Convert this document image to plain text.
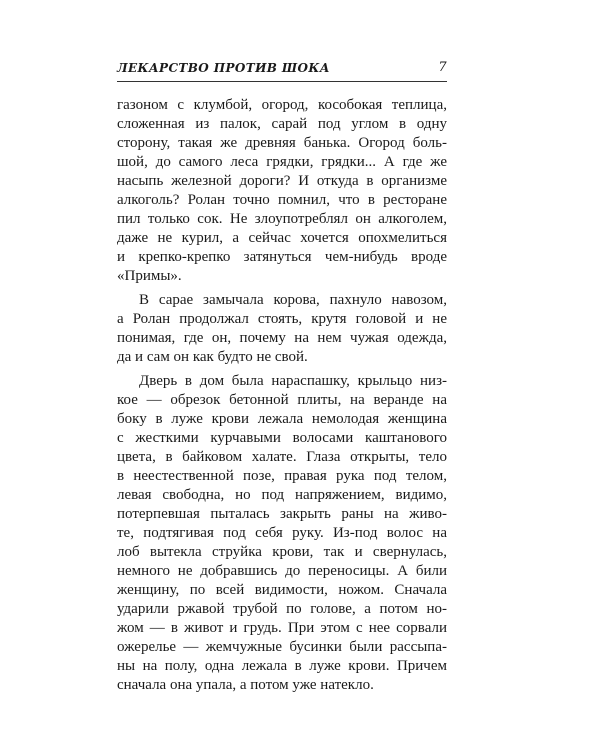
ЛЕКАРСТВО ПРОТИВ ШОКА	7
газоном с клумбой, огород, кособокая теплица,
сложенная из палок, сарай под углом в одну
сторону, такая же древняя банька. Огород боль-
шой, до самого леса грядки, грядки... А где же
насыпь железной дороги? И откуда в организме
алкоголь? Ролан точно помнил, что в ресторане
пил только сок. Не злоупотреблял он алкоголем,
даже не курил, а сейчас хочется опохмелиться
и крепко-крепко затянуться чем-нибудь вроде
«Примы».
В сарае замычала корова, пахнуло навозом,
а Ролан продолжал стоять, крутя головой и не
понимая, где он, почему на нем чужая одежда,
да и сам он как будто не свой.
Дверь в дом была нараспашку, крыльцо низ-
кое — обрезок бетонной плиты, на веранде на
боку в луже крови лежала немолодая женщина
с жесткими курчавыми волосами каштанового
цвета, в байковом халате. Глаза открыты, тело
в неестественной позе, правая рука под телом,
левая свободна, но под напряжением, видимо,
потерпевшая пыталась закрыть раны на живо-
те, подтягивая под себя руку. Из-под волос на
лоб вытекла струйка крови, так и свернулась,
немного не добравшись до переносицы. А били
женщину, по всей видимости, ножом. Сначала
ударили ржавой трубой по голове, а потом но-
жом — в живот и грудь. При этом с нее сорвали
ожерелье — жемчужные бусинки были рассыпа-
ны на полу, одна лежала в луже крови. Причем
сначала она упала, а потом уже натекло.
